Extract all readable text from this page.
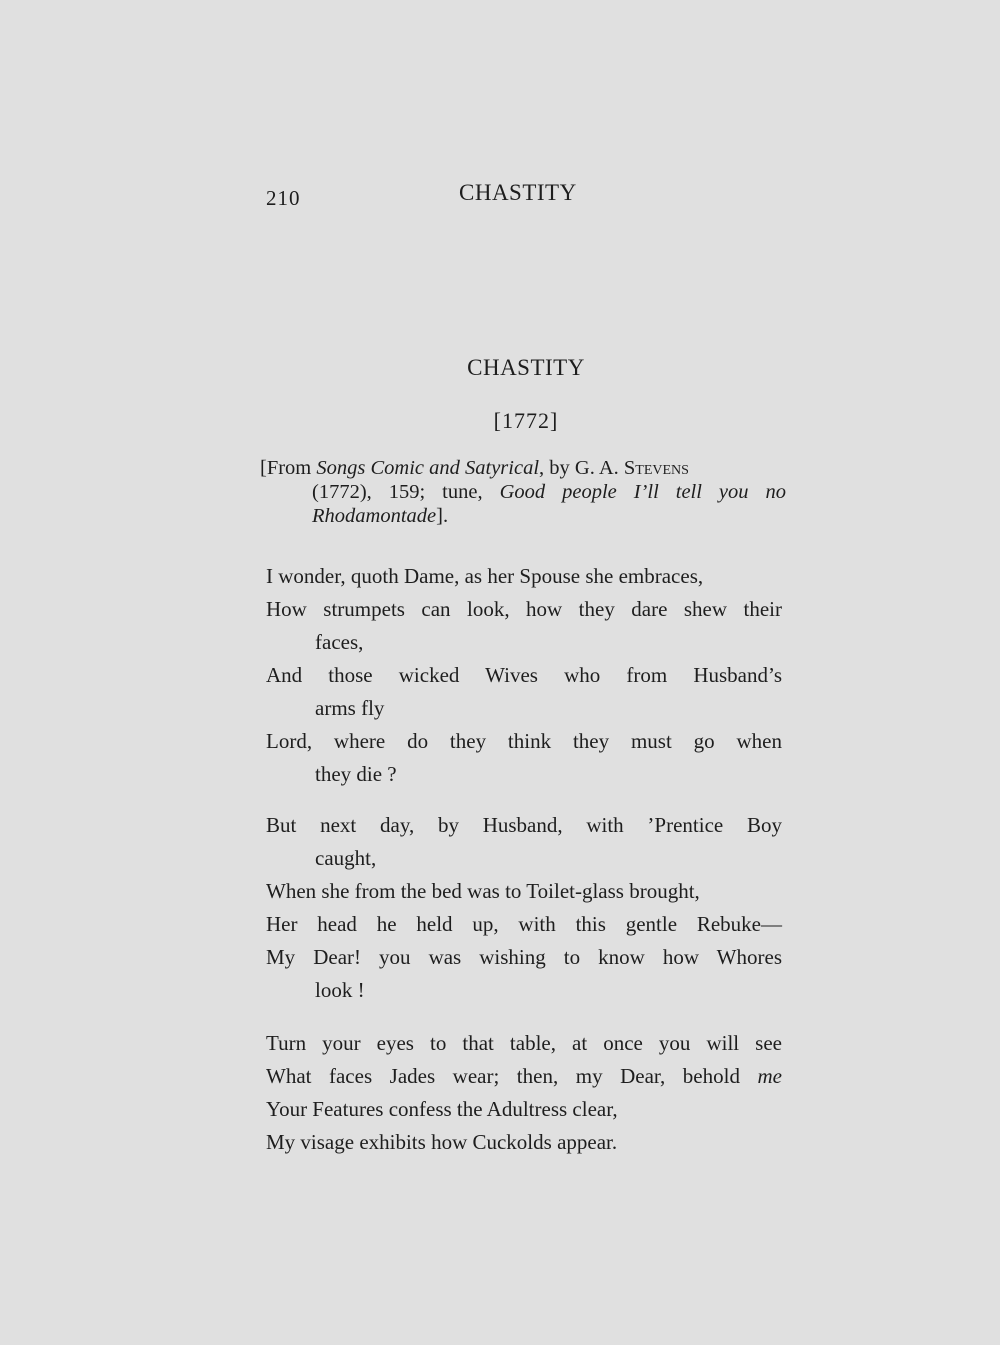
210	CHASTITY
CHASTITY
[1772]
[From Songs Comic and Satyrical, by G. A. Stevens
(1772), 159; tune, Good people I’ll tell you no
Rhodamontade].
I wonder, quoth Dame, as her Spouse she embraces,
How strumpets can look, how they dare shew their
faces,
And those wicked Wives who from Husband’s
arms fly
Lord, where do they think they must go when
they die ?
But next day, by Husband, with ’Prentice Boy
caught,
When she from the bed was to Toilet-glass brought,
Her head he held up, with this gentle Rebuke—
My Dear! you was wishing to know how Whores
look !
Turn your eyes to that table, at once you will see
What faces Jades wear; then, my Dear, behold me
Your Features confess the Adultress clear,
My visage exhibits how Cuckolds appear.
